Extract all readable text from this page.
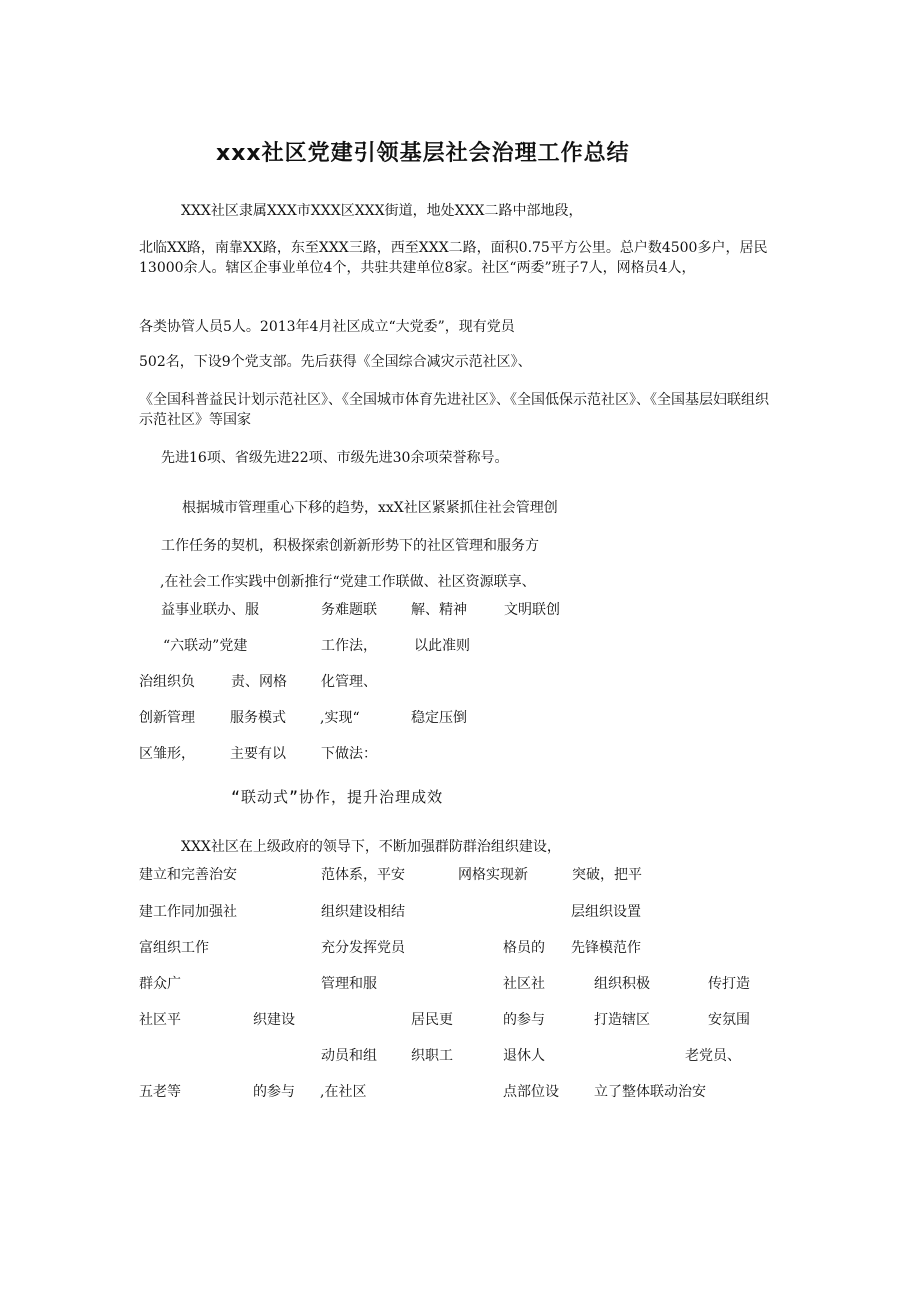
xxx社区党建引领基层社会治理工作总结
XXX社区隶属XXX市XXX区XXX街道，地处XXX二路中部地段，
北临XX路，南靠XX路，东至XXX三路，西至XXX二路，面积0.75平方公里。总户数4500多户，居民13000余人。辖区企事业单位4个，共驻共建单位8家。社区“两委”班子7人，网格员4人，
各类协管人员5人。2013年4月社区成立“大党委”，现有党员
502名，下设9个党支部。先后获得《全国综合减灾示范社区》、
《全国科普益民计划示范社区》、《全国城市体育先进社区》、《全国低保示范社区》、《全国基层妇联组织示范社区》等国家
先进16项、省级先进22项、市级先进30余项荣誉称号。
根据城市管理重心下移的趋势，xxX社区紧紧抓住社会管理创
工作任务的契机，积极探索创新新形势下的社区管理和服务方
,在社会工作实践中创新推行“党建工作联做、社区资源联享、
益事业联办、服	务难题联 解、精神	文明联创
“六联动”党建	工作法，	以此准则
治组织负	责、网格 化管理、
创新管理	服务模式 ,实现“	稳定压倒
区雏形，	主要有以	下做法：
“联动式”协作，提升治理成效
XXX社区在上级政府的领导下，不断加强群防群治组织建设，
建立和完善治安	范体系，平安	网格实现新	突破，把平
建工作同加强社	组织建设相结	层组织设置
富组织工作	充分发挥党员	格员的 先锋模范作
群众广	管理和服	社区社	组织积极	传打造
社区平	织建设	居民更	的参与	打造辖区	安氛围
动员和组 织职工	退休人	老党员、
五老等	的参与 ,在社区	点部位设	立了整体联动治安
